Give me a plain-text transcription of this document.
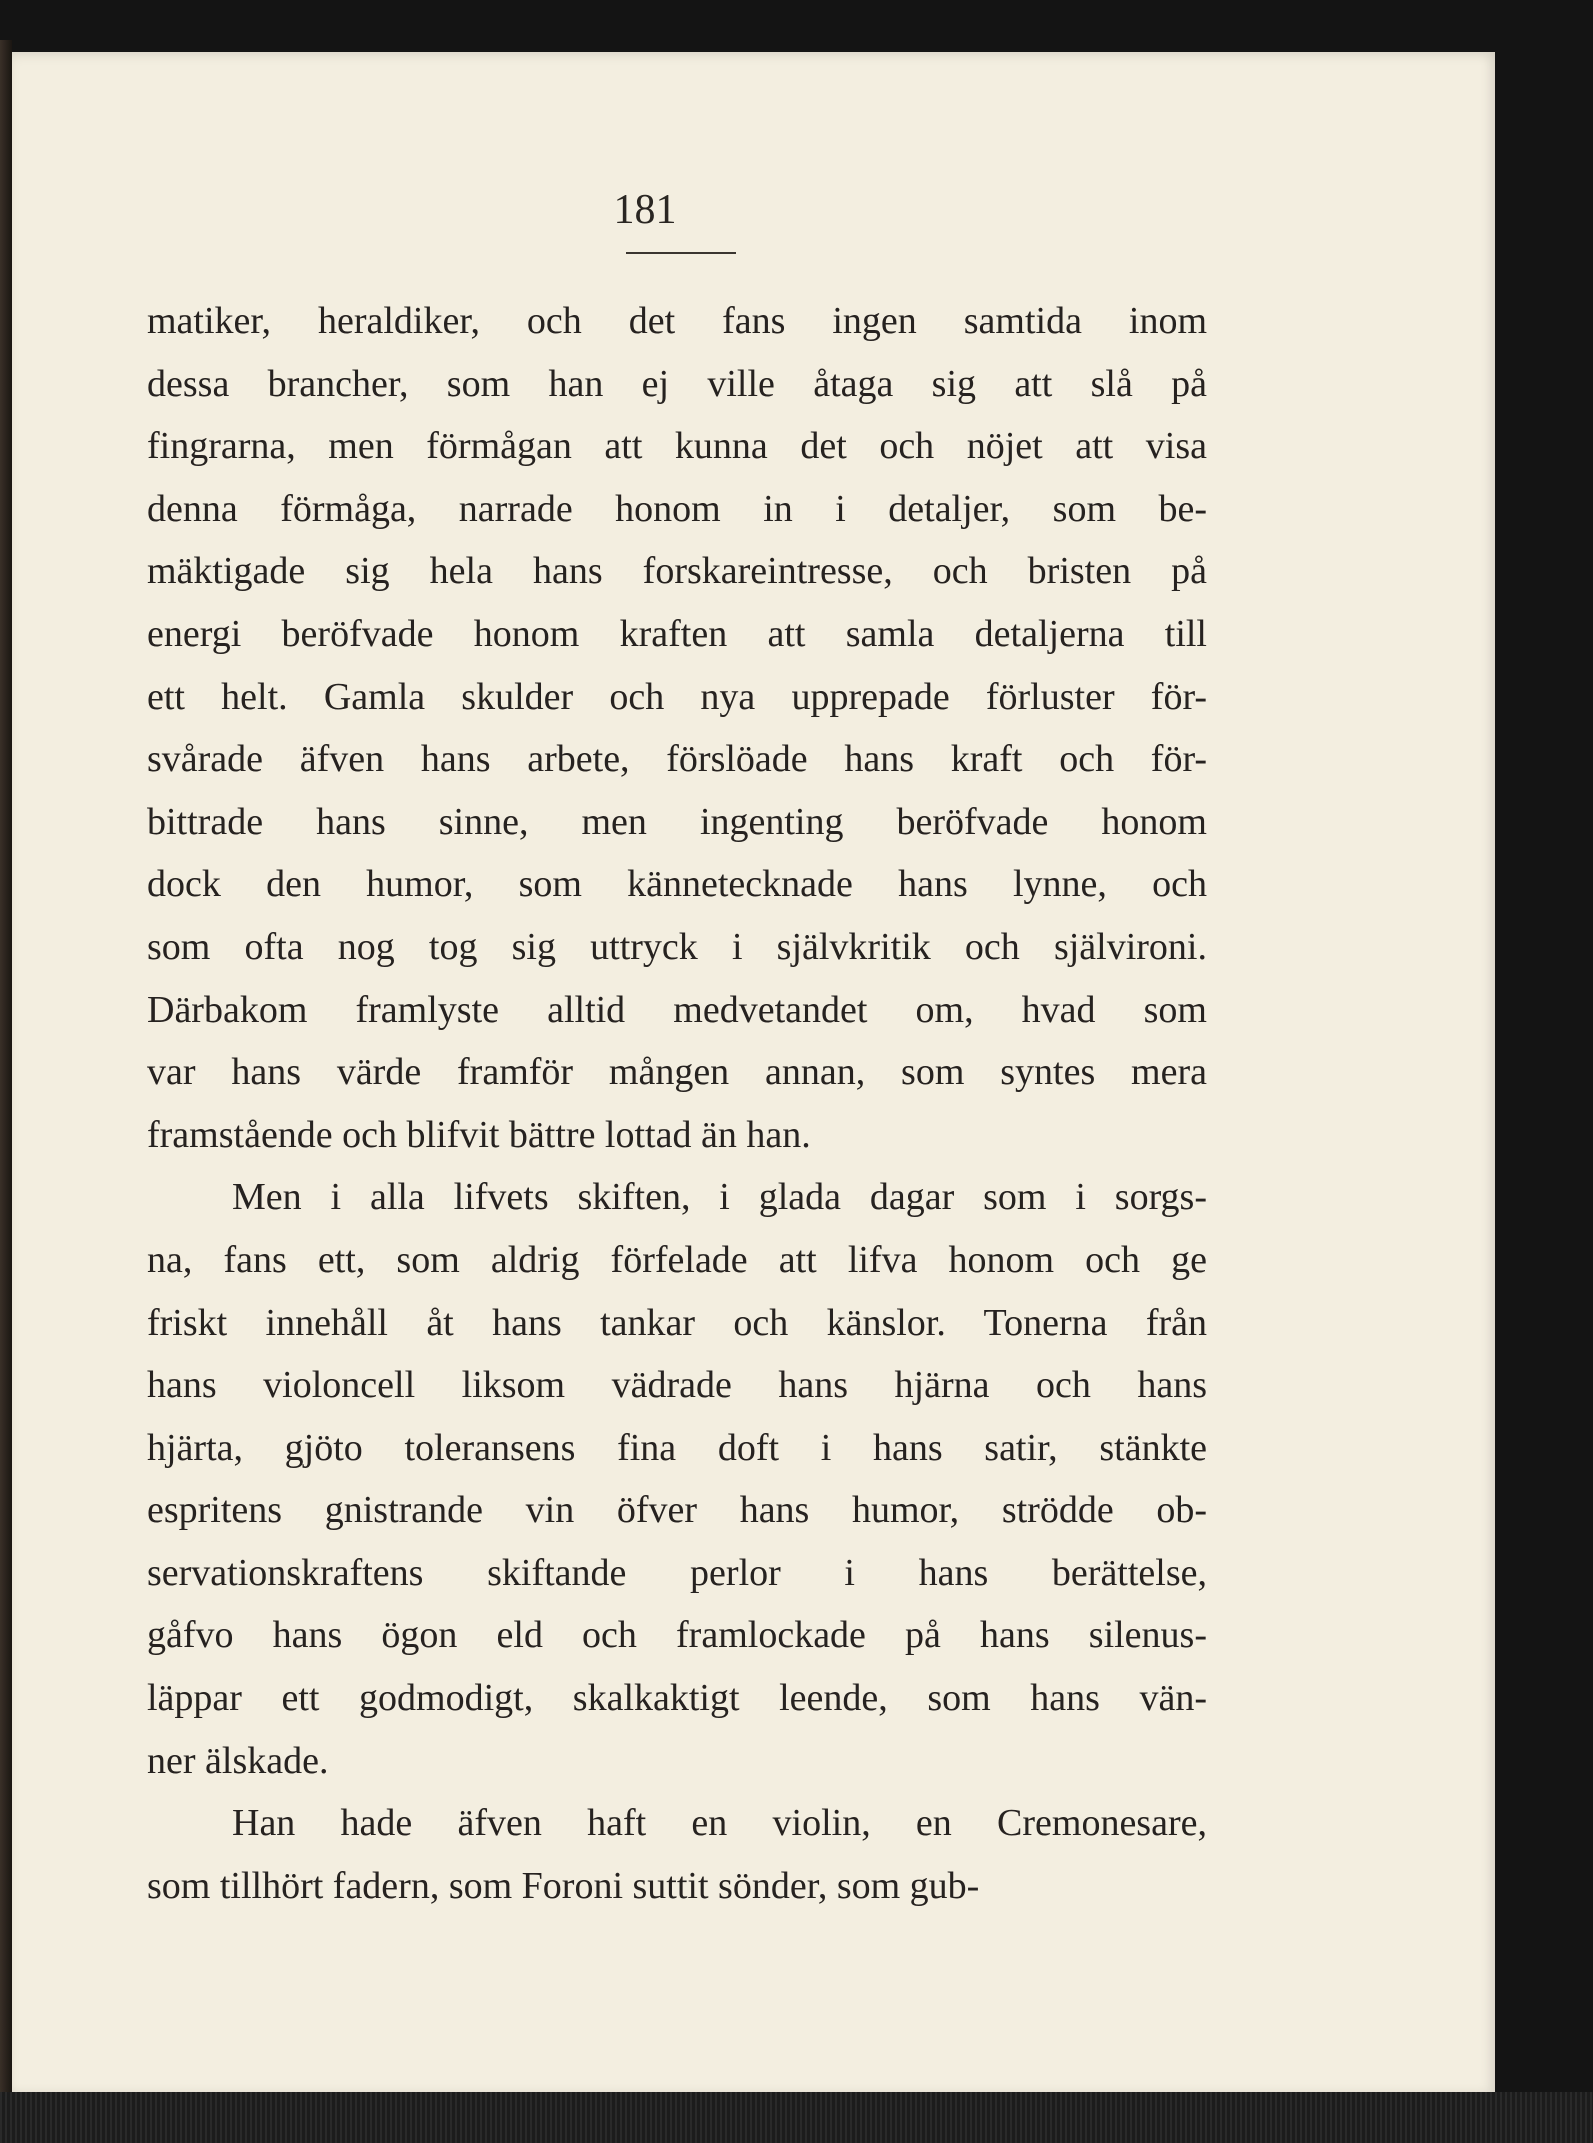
181
matiker, heraldiker, och det fans ingen samtida inom
dessa brancher, som han ej ville åtaga sig att slå på
fingrarna, men förmågan att kunna det och nöjet att visa
denna förmåga, narrade honom in i detaljer, som be-
mäktigade sig hela hans forskareintresse, och bristen på
energi beröfvade honom kraften att samla detaljerna till
ett helt. Gamla skulder och nya upprepade förluster för-
svårade äfven hans arbete, förslöade hans kraft och för-
bittrade hans sinne, men ingenting beröfvade honom
dock den humor, som kännetecknade hans lynne, och
som ofta nog tog sig uttryck i självkritik och självironi.
Därbakom framlyste alltid medvetandet om, hvad som
var hans värde framför mången annan, som syntes mera
framstående och blifvit bättre lottad än han.
Men i alla lifvets skiften, i glada dagar som i sorgs-
na, fans ett, som aldrig förfelade att lifva honom och ge
friskt innehåll åt hans tankar och känslor. Tonerna från
hans violoncell liksom vädrade hans hjärna och hans
hjärta, gjöto toleransens fina doft i hans satir, stänkte
espritens gnistrande vin öfver hans humor, strödde ob-
servationskraftens skiftande perlor i hans berättelse,
gåfvo hans ögon eld och framlockade på hans silenus-
läppar ett godmodigt, skalkaktigt leende, som hans vän-
ner älskade.
Han hade äfven haft en violin, en Cremonesare,
som tillhört fadern, som Foroni suttit sönder, som gub-
